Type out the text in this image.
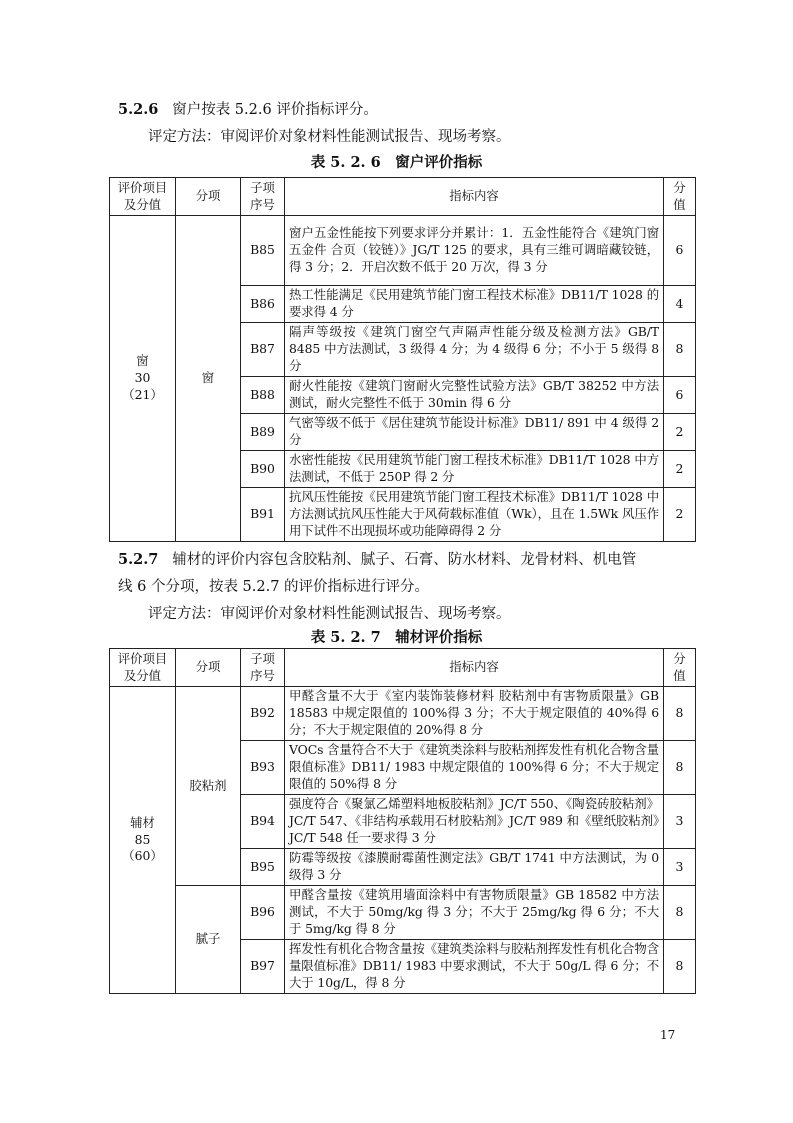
5.2.6 窗户按表 5.2.6 评价指标评分。
评定方法：审阅评价对象材料性能测试报告、现场考察。
表 5. 2. 6　窗户评价指标
评价项目及分值	分项	子项序号	指标内容	分值

窗
30
（21）	窗	B85	窗户五金性能按下列要求评分并累计：1．五金性能符合《建筑门窗五金件 合页（铰链）》JG/T 125 的要求，具有三维可调暗藏铰链，得 3 分；2．开启次数不低于 20 万次，得 3 分	6
		B86	热工性能满足《民用建筑节能门窗工程技术标准》DB11/T 1028 的要求得 4 分	4
		B87	隔声等级按《建筑门窗空气声隔声性能分级及检测方法》GB/T 8485 中方法测试，3 级得 4 分；为 4 级得 6 分；不小于 5 级得 8 分	8
		B88	耐火性能按《建筑门窗耐火完整性试验方法》GB/T 38252 中方法测试，耐火完整性不低于 30min 得 6 分	6
		B89	气密等级不低于《居住建筑节能设计标准》DB11/ 891 中 4 级得 2 分	2
		B90	水密性能按《民用建筑节能门窗工程技术标准》DB11/T 1028 中方法测试，不低于 250P 得 2 分	2
		B91	抗风压性能按《民用建筑节能门窗工程技术标准》DB11/T 1028 中方法测试抗风压性能大于风荷载标准值（Wk），且在 1.5Wk 风压作用下试件不出现损坏或功能障碍得 2 分	2
5.2.7 辅材的评价内容包含胶粘剂、腻子、石膏、防水材料、龙骨材料、机电管
线 6 个分项，按表 5.2.7 的评价指标进行评分。
评定方法：审阅评价对象材料性能测试报告、现场考察。
表 5. 2. 7　辅材评价指标
评价项目及分值	分项	子项序号	指标内容	分值

辅材
85
（60）	胶粘剂	B92	甲醛含量不大于《室内装饰装修材料 胶粘剂中有害物质限量》GB 18583 中规定限值的 100%得 3 分；不大于规定限值的 40%得 6 分；不大于规定限值的 20%得 8 分	8
		B93	VOCs 含量符合不大于《建筑类涂料与胶粘剂挥发性有机化合物含量限值标准》DB11/ 1983 中规定限值的 100%得 6 分；不大于规定限值的 50%得 8 分	8
		B94	强度符合《聚氯乙烯塑料地板胶粘剂》JC/T 550、《陶瓷砖胶粘剂》JC/T 547、《非结构承载用石材胶粘剂》JC/T 989 和《壁纸胶粘剂》JC/T 548 任一要求得 3 分	3
		B95	防霉等级按《漆膜耐霉菌性测定法》GB/T 1741 中方法测试，为 0 级得 3 分	3
	腻子	B96	甲醛含量按《建筑用墙面涂料中有害物质限量》GB 18582 中方法测试，不大于 50mg/kg 得 3 分；不大于 25mg/kg 得 6 分；不大于 5mg/kg 得 8 分	8
		B97	挥发性有机化合物含量按《建筑类涂料与胶粘剂挥发性有机化合物含量限值标准》DB11/ 1983 中要求测试，不大于 50g/L 得 6 分；不大于 10g/L，得 8 分	8
17
